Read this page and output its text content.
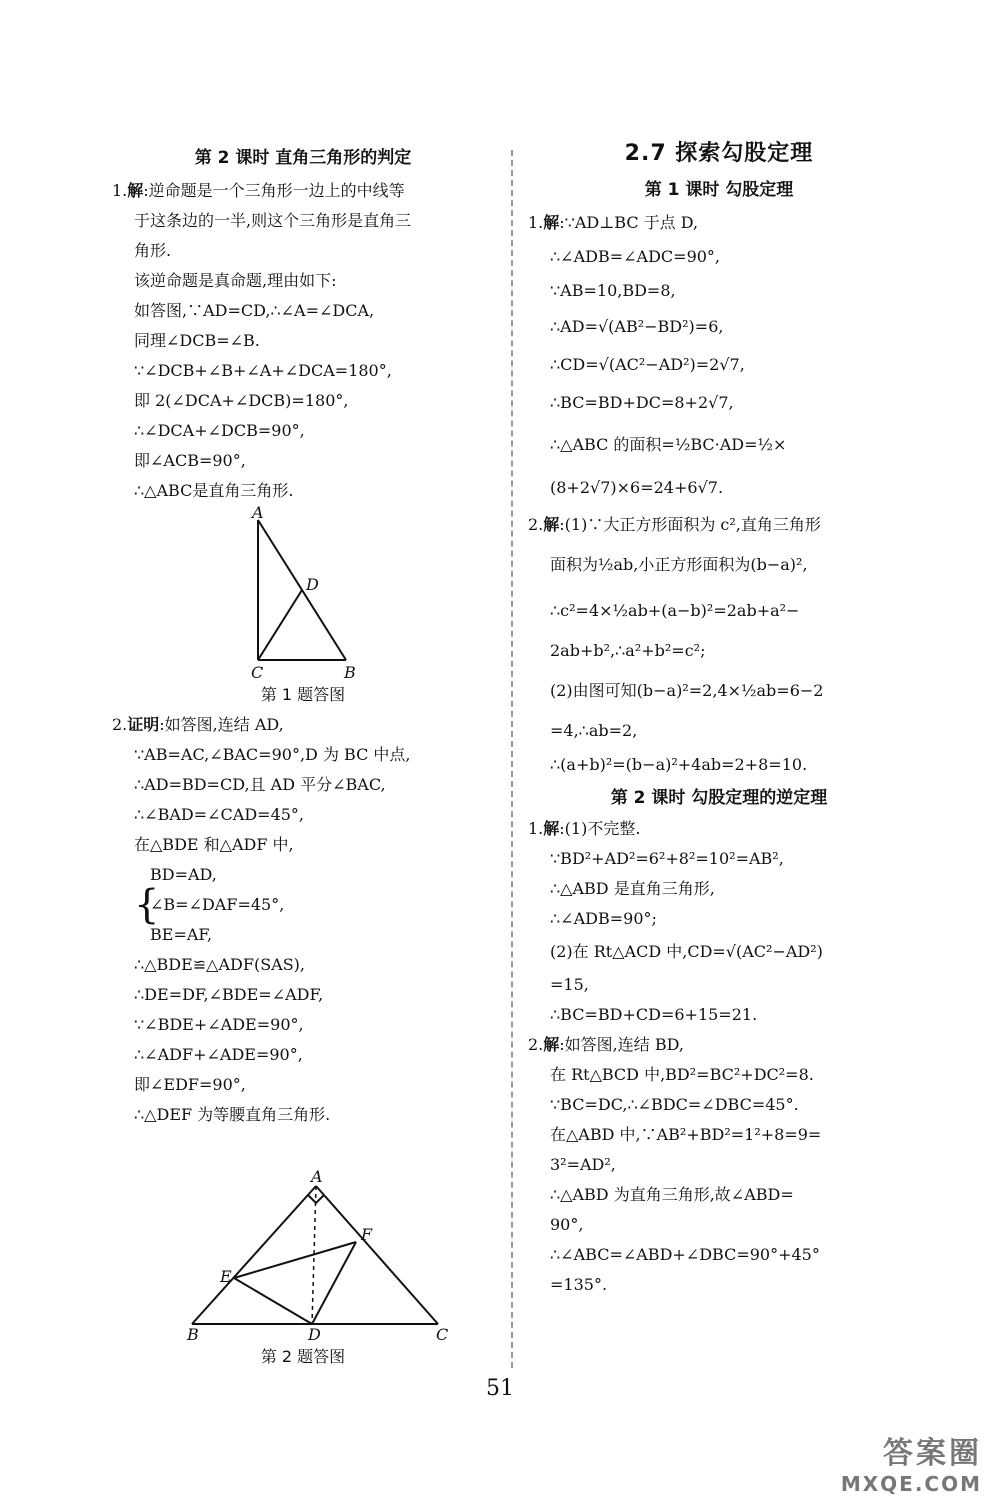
第 2 课时 直角三角形的判定
1.解:逆命题是一个三角形一边上的中线等
于这条边的一半,则这个三角形是直角三
角形.
该逆命题是真命题,理由如下:
如答图,∵AD=CD,∴∠A=∠DCA,
同理∠DCB=∠B.
∵∠DCB+∠B+∠A+∠DCA=180°,
即 2(∠DCA+∠DCB)=180°,
∴∠DCA+∠DCB=90°,
即∠ACB=90°,
∴△ABC是直角三角形.
A
D
C	B
第 1 题答图
2.证明:如答图,连结 AD,
∵AB=AC,∠BAC=90°,D 为 BC 中点,
∴AD=BD=CD,且 AD 平分∠BAC,
∴∠BAD=∠CAD=45°,
在△BDE 和△ADF 中,
{
BD=AD,
∠B=∠DAF=45°,
BE=AF,
∴△BDE≌△ADF(SAS),
∴DE=DF,∠BDE=∠ADF,
∵∠BDE+∠ADE=90°,
∴∠ADF+∠ADE=90°,
即∠EDF=90°,
∴△DEF 为等腰直角三角形.
A
F
E
B	D	C
第 2 题答图
2.7 探索勾股定理
第 1 课时 勾股定理
1.解:∵AD⊥BC 于点 D,
∴∠ADB=∠ADC=90°,
∵AB=10,BD=8,
∴AD=√(AB²−BD²)=6,
∴CD=√(AC²−AD²)=2√7,
∴BC=BD+DC=8+2√7,
∴△ABC 的面积=½BC·AD=½×
(8+2√7)×6=24+6√7.
2.解:(1)∵大正方形面积为 c²,直角三角形
面积为½ab,小正方形面积为(b−a)²,
∴c²=4×½ab+(a−b)²=2ab+a²−
2ab+b²,∴a²+b²=c²;
(2)由图可知(b−a)²=2,4×½ab=6−2
=4,∴ab=2,
∴(a+b)²=(b−a)²+4ab=2+8=10.
第 2 课时 勾股定理的逆定理
1.解:(1)不完整.
∵BD²+AD²=6²+8²=10²=AB²,
∴△ABD 是直角三角形,
∴∠ADB=90°;
(2)在 Rt△ACD 中,CD=√(AC²−AD²)
=15,
∴BC=BD+CD=6+15=21.
2.解:如答图,连结 BD,
在 Rt△BCD 中,BD²=BC²+DC²=8.
∵BC=DC,∴∠BDC=∠DBC=45°.
在△ABD 中,∵AB²+BD²=1²+8=9=
3²=AD²,
∴△ABD 为直角三角形,故∠ABD=
90°,
∴∠ABC=∠ABD+∠DBC=90°+45°
=135°.
51
答案圈
MXQE.COM
